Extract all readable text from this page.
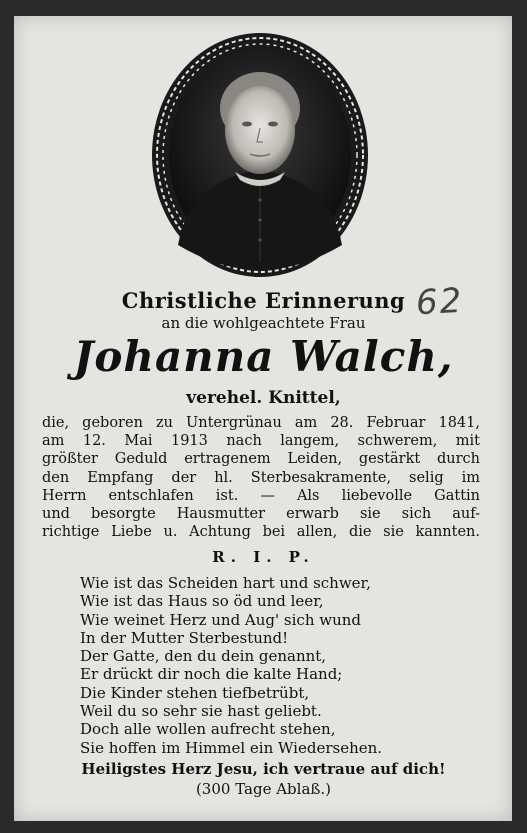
62
Christliche Erinnerung
an die wohlgeachtete Frau
Johanna Walch,
verehel. Knittel,
die, geboren zu Untergrünau am 28. Februar 1841,
am 12. Mai 1913 nach langem, schwerem, mit
größter Geduld ertragenem Leiden, gestärkt durch
den Empfang der hl. Sterbesakramente, selig im
Herrn entschlafen ist. — Als liebevolle Gattin
und besorgte Hausmutter erwarb sie sich auf-
richtige Liebe u. Achtung bei allen, die sie kannten.
R. I. P.
Wie ist das Scheiden hart und schwer,
Wie ist das Haus so öd und leer,
Wie weinet Herz und Aug' sich wund
In der Mutter Sterbestund!
Der Gatte, den du dein genannt,
Er drückt dir noch die kalte Hand;
Die Kinder stehen tiefbetrübt,
Weil du so sehr sie hast geliebt.
Doch alle wollen aufrecht stehen,
Sie hoffen im Himmel ein Wiedersehen.
Heiligstes Herz Jesu, ich vertraue auf dich!
(300 Tage Ablaß.)
